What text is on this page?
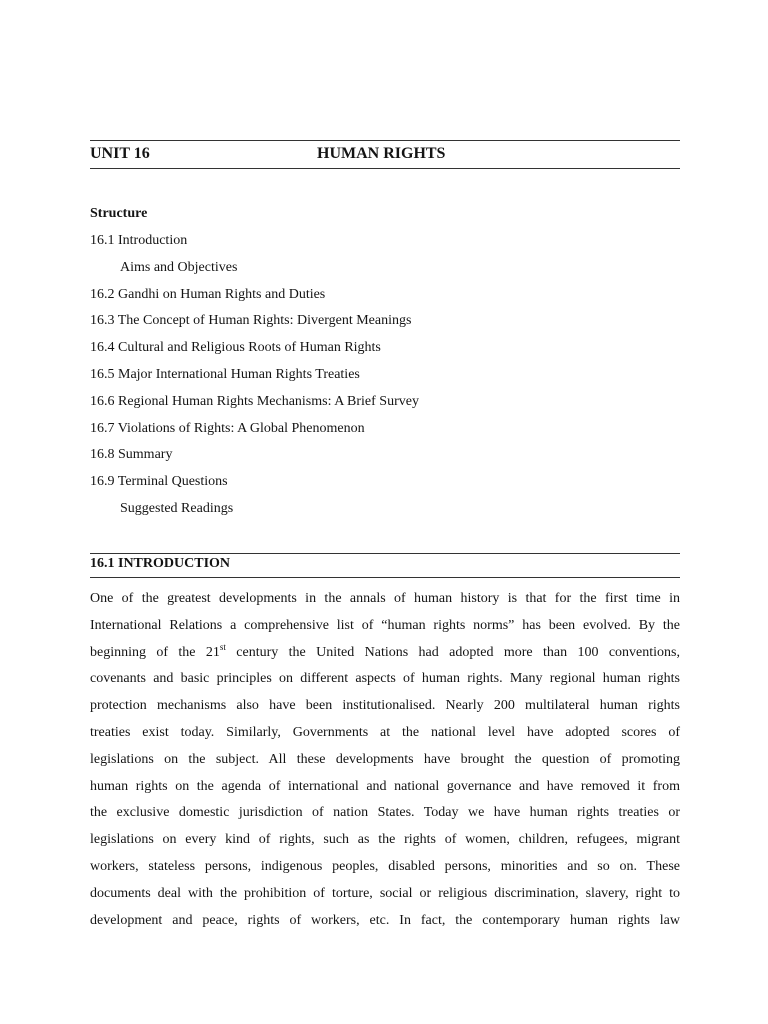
UNIT 16	HUMAN RIGHTS
Structure
16.1 Introduction
Aims and Objectives
16.2 Gandhi on Human Rights and Duties
16.3 The Concept of Human Rights: Divergent Meanings
16.4 Cultural and Religious Roots of Human Rights
16.5 Major International Human Rights Treaties
16.6 Regional Human Rights Mechanisms: A Brief Survey
16.7 Violations of Rights: A Global Phenomenon
16.8 Summary
16.9 Terminal Questions
Suggested Readings
16.1 INTRODUCTION
One of the greatest developments in the annals of human history is that for the first time in
International Relations a comprehensive list of “human rights norms” has been evolved. By the
beginning of the 21st century the United Nations had adopted more than 100 conventions,
covenants and basic principles on different aspects of human rights. Many regional human rights
protection mechanisms also have been institutionalised. Nearly 200 multilateral human rights
treaties exist today. Similarly, Governments at the national level have adopted scores of
legislations on the subject. All these developments have brought the question of promoting
human rights on the agenda of international and national governance and have removed it from
the exclusive domestic jurisdiction of nation States. Today we have human rights treaties or
legislations on every kind of rights, such as the rights of women, children, refugees, migrant
workers, stateless persons, indigenous peoples, disabled persons, minorities and so on. These
documents deal with the prohibition of torture, social or religious discrimination, slavery, right to
development and peace, rights of workers, etc. In fact, the contemporary human rights law
